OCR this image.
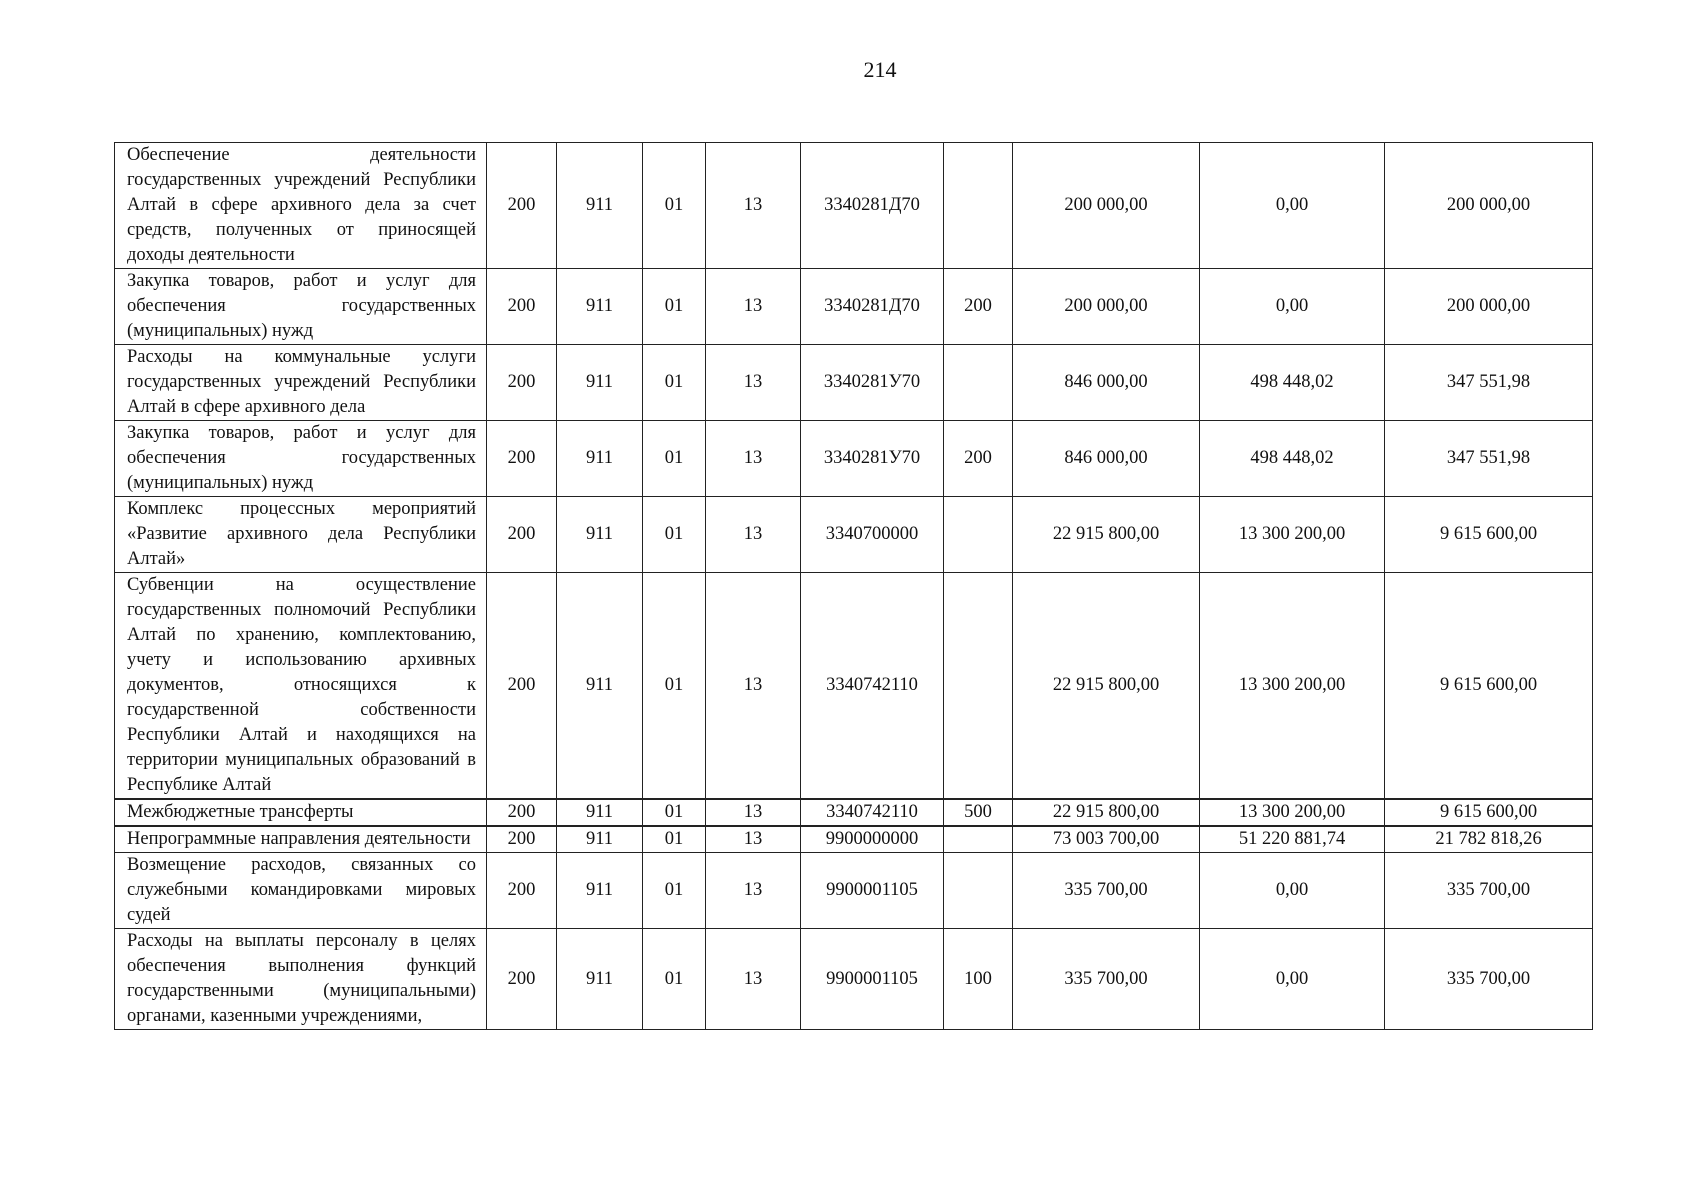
214
Обеспечение деятельности государственных учреждений Республики Алтай в сфере архивного дела за счет средств, полученных от приносящей доходы деятельности	200	911	01	13	3340281Д70		200 000,00	0,00	200 000,00
Закупка товаров, работ и услуг для обеспечения государственных (муниципальных) нужд	200	911	01	13	3340281Д70	200	200 000,00	0,00	200 000,00
Расходы на коммунальные услуги государственных учреждений Республики Алтай в сфере архивного дела	200	911	01	13	3340281У70		846 000,00	498 448,02	347 551,98
Закупка товаров, работ и услуг для обеспечения государственных (муниципальных) нужд	200	911	01	13	3340281У70	200	846 000,00	498 448,02	347 551,98
Комплекс процессных мероприятий «Развитие архивного дела Республики Алтай»	200	911	01	13	3340700000		22 915 800,00	13 300 200,00	9 615 600,00
Субвенции на осуществление государственных полномочий Республики Алтай по хранению, комплектованию, учету и использованию архивных документов, относящихся к государственной собственности Республики Алтай и находящихся на территории муниципальных образований в Республике Алтай	200	911	01	13	3340742110		22 915 800,00	13 300 200,00	9 615 600,00
Межбюджетные трансферты	200	911	01	13	3340742110	500	22 915 800,00	13 300 200,00	9 615 600,00
Непрограммные направления деятельности	200	911	01	13	9900000000		73 003 700,00	51 220 881,74	21 782 818,26
Возмещение расходов, связанных со служебными командировками мировых судей	200	911	01	13	9900001105		335 700,00	0,00	335 700,00
Расходы на выплаты персоналу в целях обеспечения выполнения функций государственными (муниципальными) органами, казенными учреждениями,	200	911	01	13	9900001105	100	335 700,00	0,00	335 700,00
